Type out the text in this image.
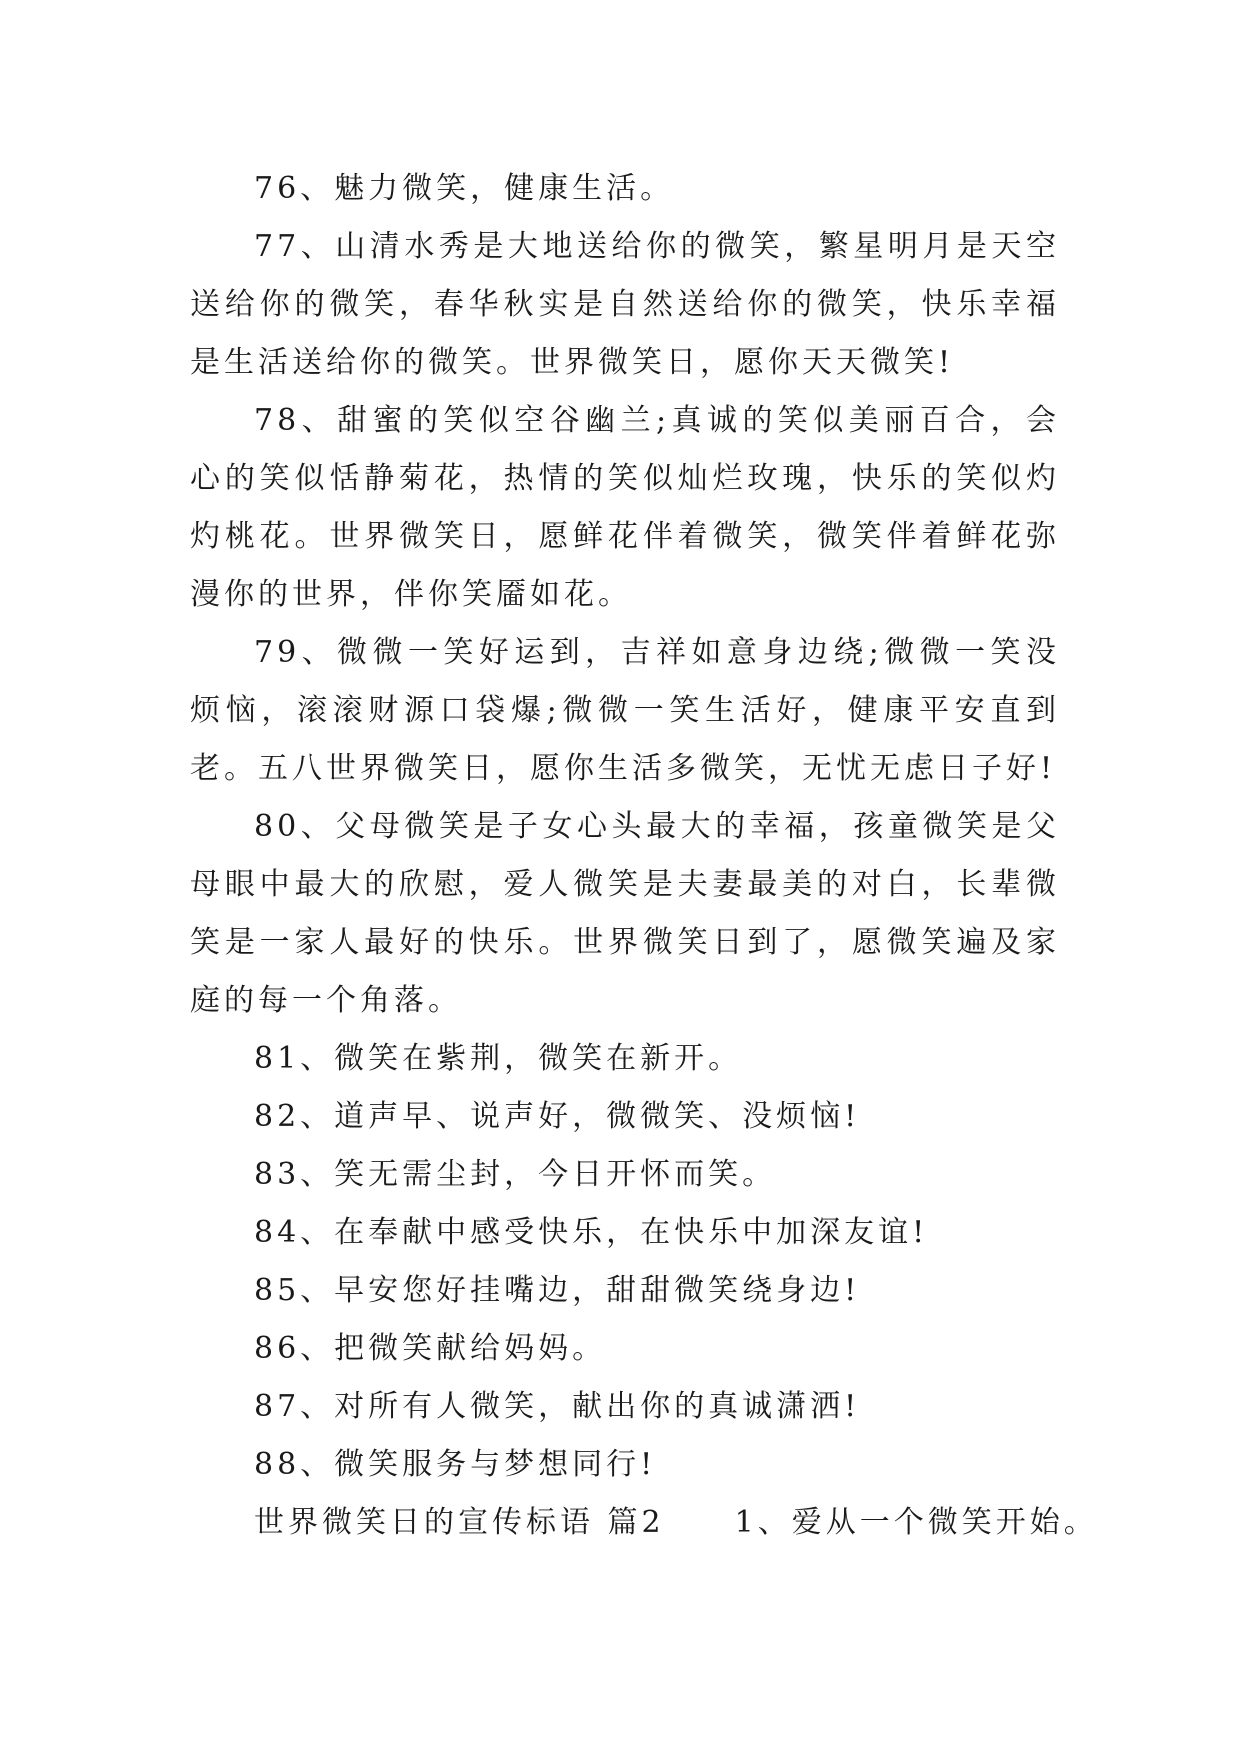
76、魅力微笑，健康生活。

77、山清水秀是大地送给你的微笑，繁星明月是天空送给你的微笑，春华秋实是自然送给你的微笑，快乐幸福是生活送给你的微笑。世界微笑日，愿你天天微笑!

78、甜蜜的笑似空谷幽兰;真诚的笑似美丽百合，会心的笑似恬静菊花，热情的笑似灿烂玫瑰，快乐的笑似灼灼桃花。世界微笑日，愿鲜花伴着微笑，微笑伴着鲜花弥漫你的世界，伴你笑靥如花。

79、微微一笑好运到，吉祥如意身边绕;微微一笑没烦恼，滚滚财源口袋爆;微微一笑生活好，健康平安直到老。五八世界微笑日，愿你生活多微笑，无忧无虑日子好!

80、父母微笑是子女心头最大的幸福，孩童微笑是父母眼中最大的欣慰，爱人微笑是夫妻最美的对白，长辈微笑是一家人最好的快乐。世界微笑日到了，愿微笑遍及家庭的每一个角落。

81、微笑在紫荆，微笑在新开。

82、道声早、说声好，微微笑、没烦恼!

83、笑无需尘封，今日开怀而笑。

84、在奉献中感受快乐，在快乐中加深友谊!

85、早安您好挂嘴边，甜甜微笑绕身边!

86、把微笑献给妈妈。

87、对所有人微笑，献出你的真诚潇洒!

88、微笑服务与梦想同行!

世界微笑日的宣传标语 篇2 1、爱从一个微笑开始。
